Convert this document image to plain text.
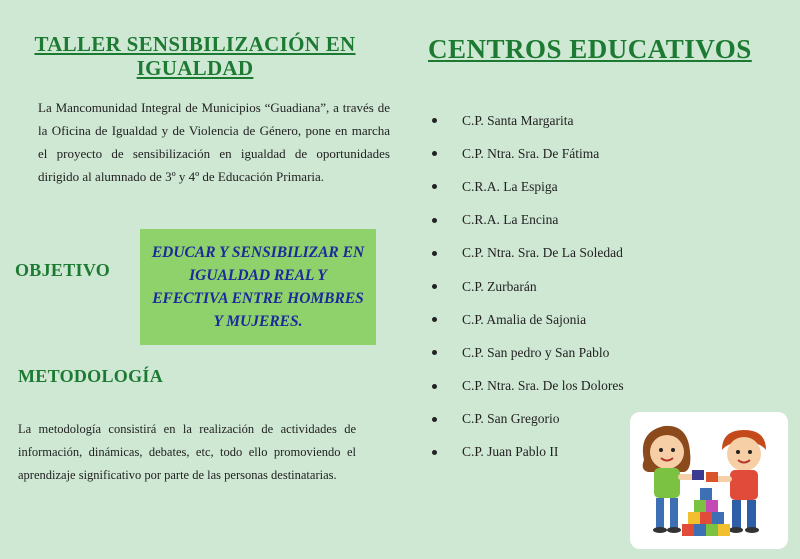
TALLER SENSIBILIZACIÓN EN IGUALDAD

La Mancomunidad Integral de Municipios “Guadiana”, a través de la Oficina de Igualdad y de Violencia de Género, pone en marcha el proyecto de sensibilización en igualdad de oportunidades dirigido al alumnado de 3º y 4º de Educación Primaria.

OBJETIVO
EDUCAR Y SENSIBILIZAR EN IGUALDAD REAL Y EFECTIVA ENTRE HOMBRES Y MUJERES.
METODOLOGÍA
La metodología consistirá en la realización de actividades de información, dinámicas, debates, etc, todo ello promoviendo el aprendizaje significativo por parte de las personas destinatarias.
CENTROS EDUCATIVOS
C.P. Santa Margarita
C.P. Ntra. Sra. De Fátima
C.R.A. La Espiga
C.R.A. La Encina
C.P. Ntra. Sra. De La Soledad
C.P. Zurbarán
C.P. Amalia de Sajonia
C.P. San pedro y San Pablo
C.P. Ntra. Sra. De los Dolores
C.P. San Gregorio
C.P. Juan Pablo II
